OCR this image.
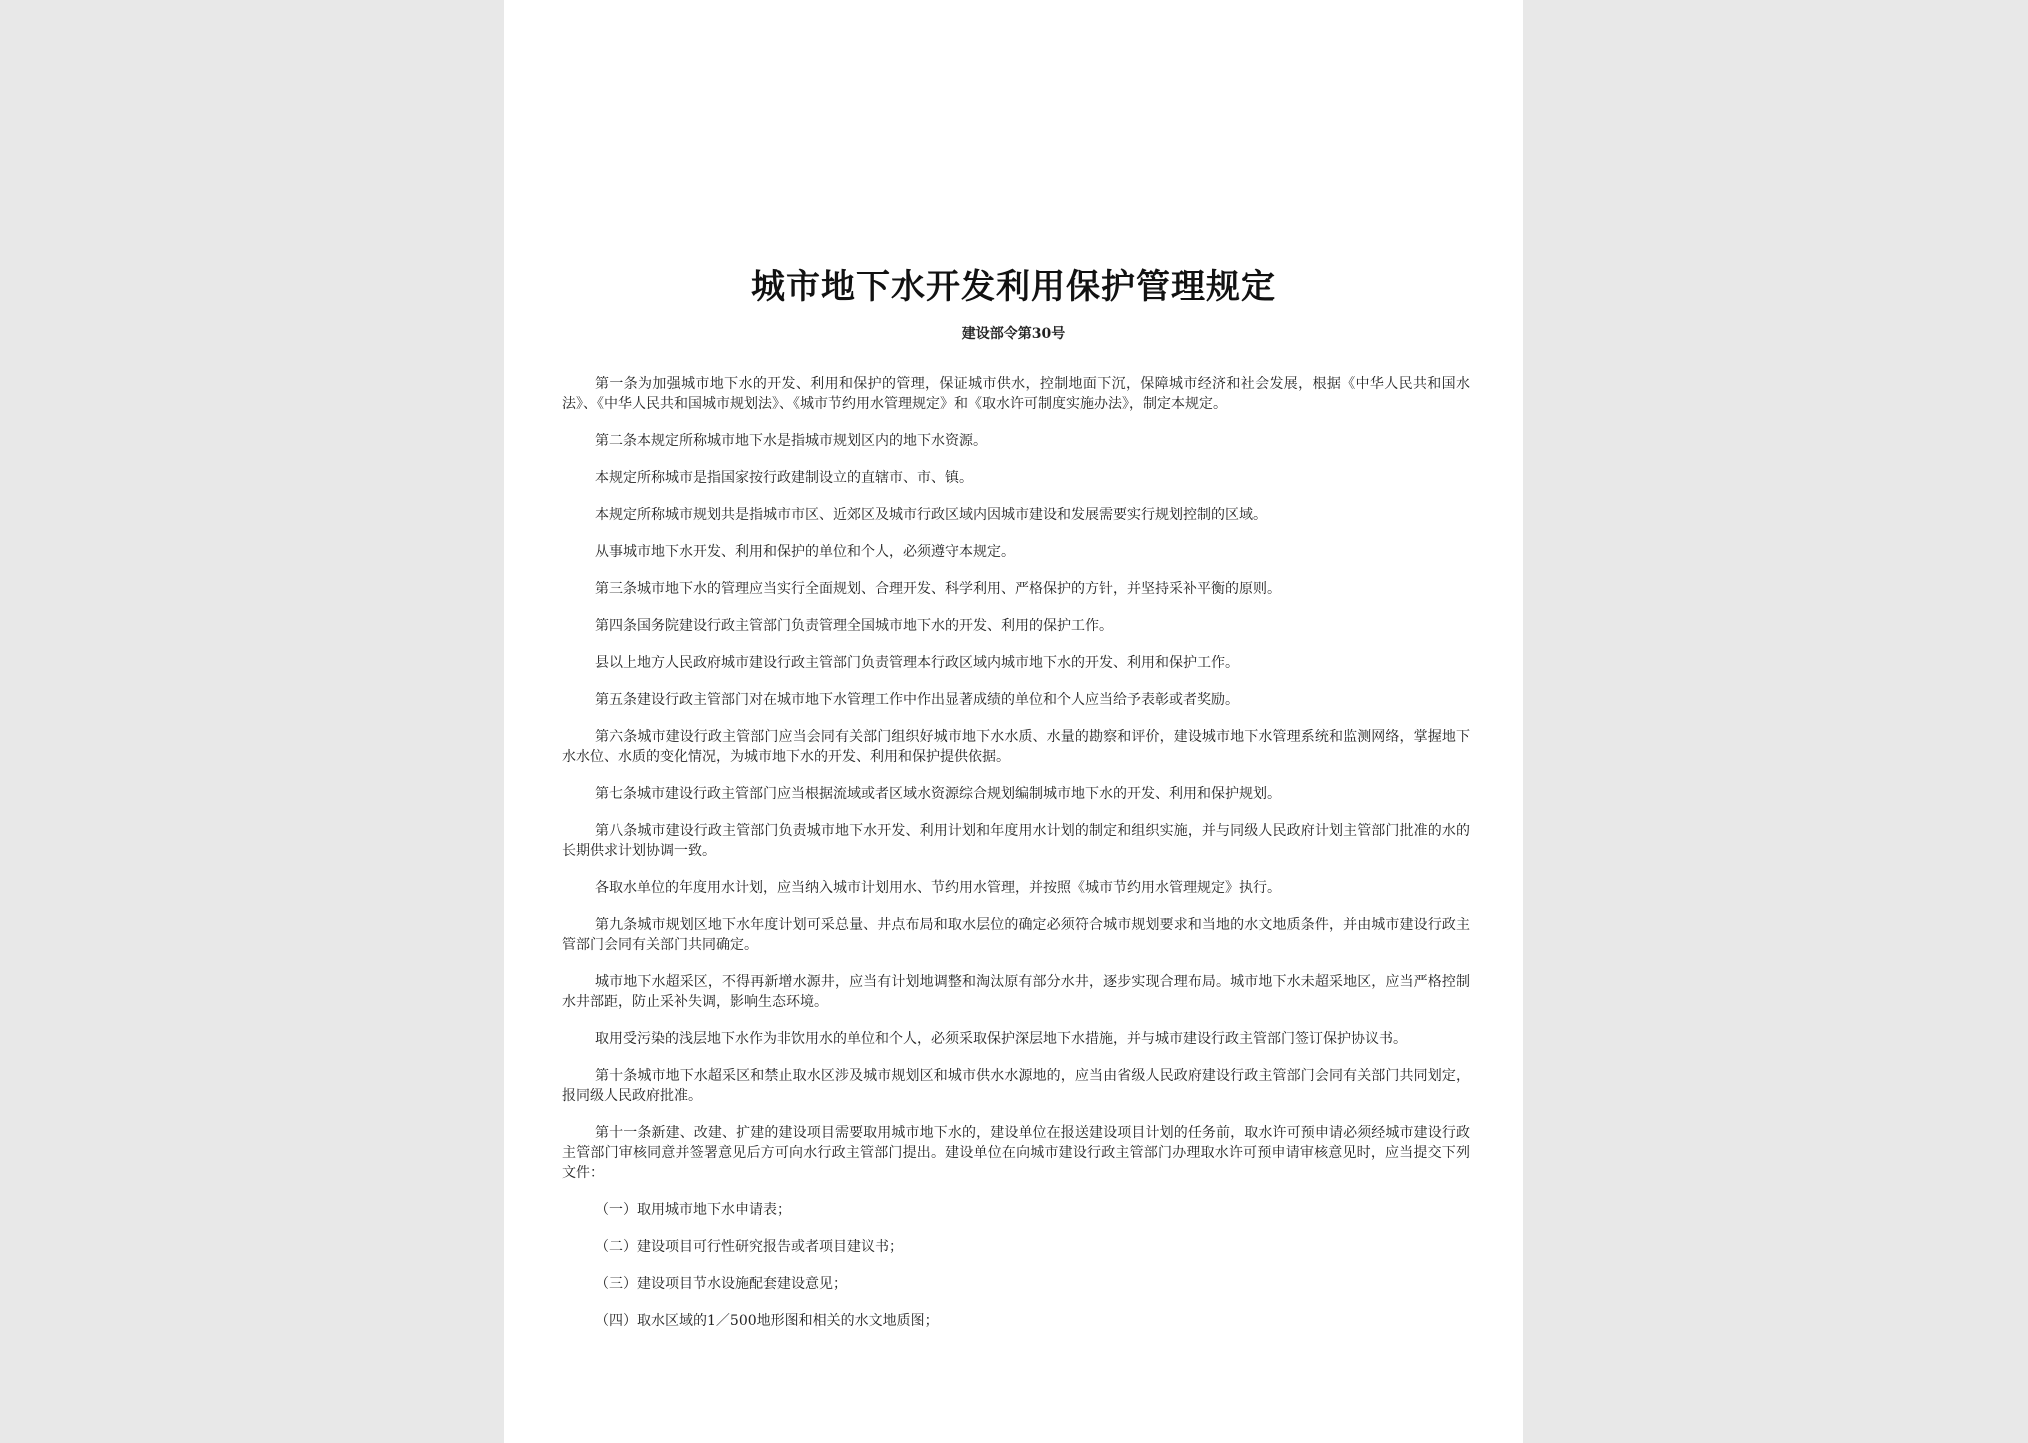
城市地下水开发利用保护管理规定
建设部令第30号

第一条为加强城市地下水的开发、利用和保护的管理，保证城市供水，控制地面下沉，保障城市经济和社会发展，根据《中华人民共和国水法》、《中华人民共和国城市规划法》、《城市节约用水管理规定》和《取水许可制度实施办法》，制定本规定。

第二条本规定所称城市地下水是指城市规划区内的地下水资源。

本规定所称城市是指国家按行政建制设立的直辖市、市、镇。

本规定所称城市规划共是指城市市区、近郊区及城市行政区域内因城市建设和发展需要实行规划控制的区域。

从事城市地下水开发、利用和保护的单位和个人，必须遵守本规定。

第三条城市地下水的管理应当实行全面规划、合理开发、科学利用、严格保护的方针，并坚持采补平衡的原则。

第四条国务院建设行政主管部门负责管理全国城市地下水的开发、利用的保护工作。

县以上地方人民政府城市建设行政主管部门负责管理本行政区域内城市地下水的开发、利用和保护工作。

第五条建设行政主管部门对在城市地下水管理工作中作出显著成绩的单位和个人应当给予表彰或者奖励。

第六条城市建设行政主管部门应当会同有关部门组织好城市地下水水质、水量的勘察和评价，建设城市地下水管理系统和监测网络，掌握地下水水位、水质的变化情况，为城市地下水的开发、利用和保护提供依据。

第七条城市建设行政主管部门应当根据流域或者区域水资源综合规划编制城市地下水的开发、利用和保护规划。

第八条城市建设行政主管部门负责城市地下水开发、利用计划和年度用水计划的制定和组织实施，并与同级人民政府计划主管部门批准的水的长期供求计划协调一致。

各取水单位的年度用水计划，应当纳入城市计划用水、节约用水管理，并按照《城市节约用水管理规定》执行。

第九条城市规划区地下水年度计划可采总量、井点布局和取水层位的确定必须符合城市规划要求和当地的水文地质条件，并由城市建设行政主管部门会同有关部门共同确定。

城市地下水超采区，不得再新增水源井，应当有计划地调整和淘汰原有部分水井，逐步实现合理布局。城市地下水未超采地区，应当严格控制水井部距，防止采补失调，影响生态环境。

取用受污染的浅层地下水作为非饮用水的单位和个人，必须采取保护深层地下水措施，并与城市建设行政主管部门签订保护协议书。

第十条城市地下水超采区和禁止取水区涉及城市规划区和城市供水水源地的，应当由省级人民政府建设行政主管部门会同有关部门共同划定，报同级人民政府批准。

第十一条新建、改建、扩建的建设项目需要取用城市地下水的，建设单位在报送建设项目计划的任务前，取水许可预申请必须经城市建设行政主管部门审核同意并签署意见后方可向水行政主管部门提出。建设单位在向城市建设行政主管部门办理取水许可预申请审核意见时，应当提交下列文件：

（一）取用城市地下水申请表；

（二）建设项目可行性研究报告或者项目建议书；

（三）建设项目节水设施配套建设意见；

（四）取水区域的1／500地形图和相关的水文地质图；
